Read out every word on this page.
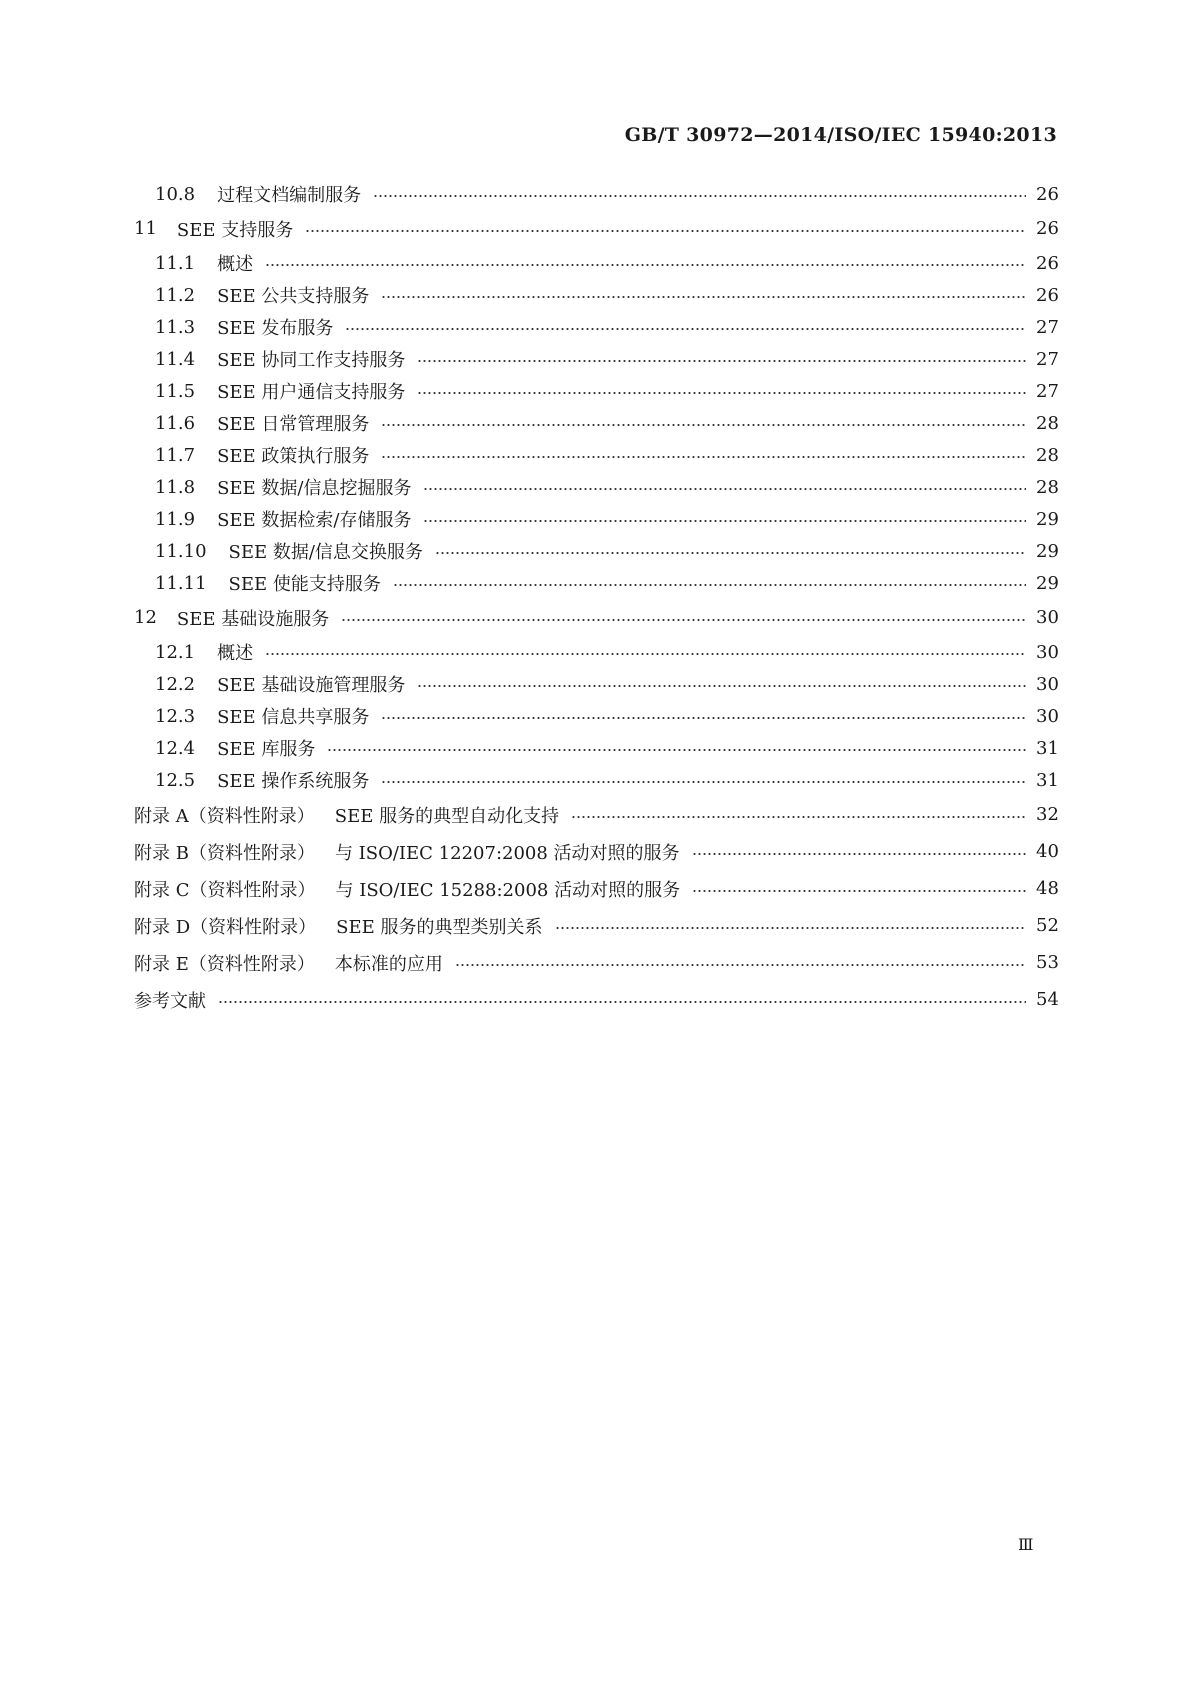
GB/T 30972—2014/ISO/IEC 15940:2013
10.8 过程文档编制服务	26
11 SEE 支持服务	26
11.1 概述	26
11.2 SEE 公共支持服务	26
11.3 SEE 发布服务	27
11.4 SEE 协同工作支持服务	27
11.5 SEE 用户通信支持服务	27
11.6 SEE 日常管理服务	28
11.7 SEE 政策执行服务	28
11.8 SEE 数据/信息挖掘服务	28
11.9 SEE 数据检索/存储服务	29
11.10 SEE 数据/信息交换服务	29
11.11 SEE 使能支持服务	29
12 SEE 基础设施服务	30
12.1 概述	30
12.2 SEE 基础设施管理服务	30
12.3 SEE 信息共享服务	30
12.4 SEE 库服务	31
12.5 SEE 操作系统服务	31
附录 A（资料性附录） SEE 服务的典型自动化支持	32
附录 B（资料性附录） 与 ISO/IEC 12207:2008 活动对照的服务	40
附录 C（资料性附录） 与 ISO/IEC 15288:2008 活动对照的服务	48
附录 D（资料性附录） SEE 服务的典型类别关系	52
附录 E（资料性附录） 本标准的应用	53
参考文献	54
Ⅲ
